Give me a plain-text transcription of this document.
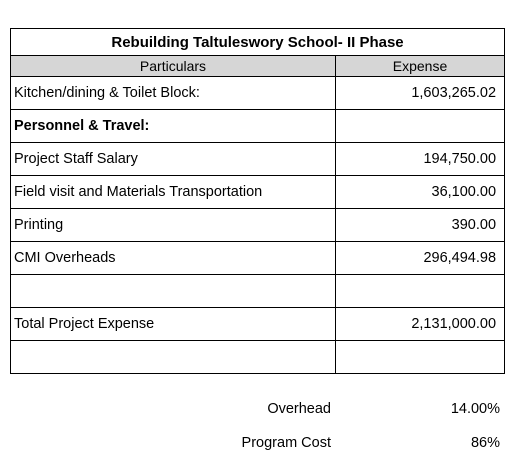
Rebuilding Taltuleswory School- II Phase	
Particulars	Expense
Kitchen/dining & Toilet Block:	1,603,265.02
Personnel & Travel:	
Project Staff Salary	194,750.00
Field visit and Materials Transportation	36,100.00
Printing	390.00
CMI Overheads	296,494.98

Total Project Expense	2,131,000.00

Overhead	14.00%
Program Cost	86%
